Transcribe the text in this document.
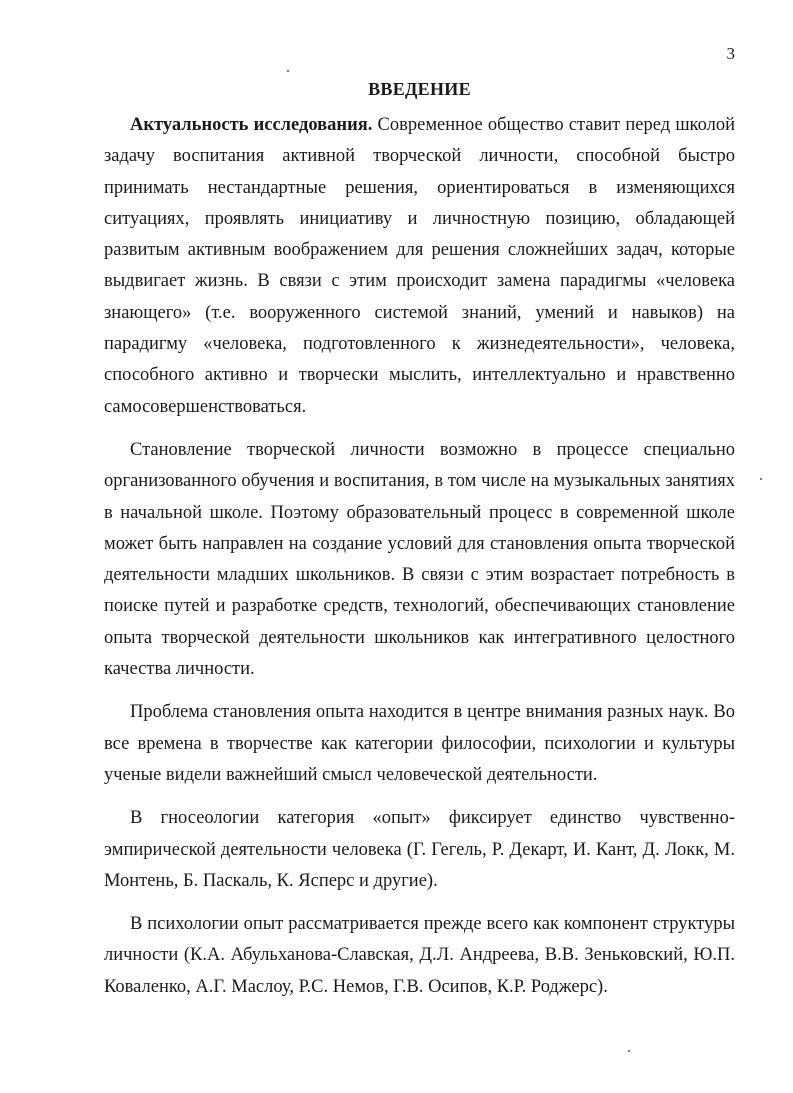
3
ВВЕДЕНИЕ

Актуальность исследования. Современное общество ставит перед школой задачу воспитания активной творческой личности, способной быстро принимать нестандартные решения, ориентироваться в изменяющихся ситуациях, проявлять инициативу и личностную позицию, обладающей развитым активным воображением для решения сложнейших задач, которые выдвигает жизнь. В связи с этим происходит замена парадигмы «человека знающего» (т.е. вооруженного системой знаний, умений и навыков) на парадигму «человека, подготовленного к жизнедеятельности», человека, способного активно и творчески мыслить, интеллектуально и нравственно самосовершенствоваться.

Становление творческой личности возможно в процессе специально организованного обучения и воспитания, в том числе на музыкальных занятиях в начальной школе. Поэтому образовательный процесс в современной школе может быть направлен на создание условий для становления опыта творческой деятельности младших школьников. В связи с этим возрастает потребность в поиске путей и разработке средств, технологий, обеспечивающих становление опыта творческой деятельности школьников как интегративного целостного качества личности.

Проблема становления опыта находится в центре внимания разных наук. Во все времена в творчестве как категории философии, психологии и культуры ученые видели важнейший смысл человеческой деятельности.

В гносеологии категория «опыт» фиксирует единство чувственно-эмпирической деятельности человека (Г. Гегель, Р. Декарт, И. Кант, Д. Локк, М. Монтень, Б. Паскаль, К. Ясперс и другие).

В психологии опыт рассматривается прежде всего как компонент структуры личности (К.А. Абульханова-Славская, Д.Л. Андреева, В.В. Зеньковский, Ю.П. Коваленко, А.Г. Маслоу, Р.С. Немов, Г.В. Осипов, К.Р. Роджерс).
